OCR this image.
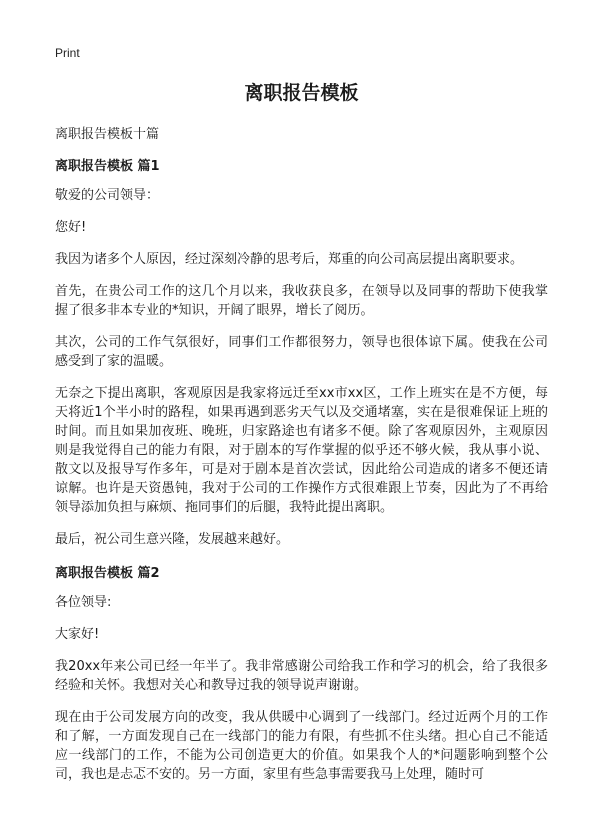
Print
离职报告模板
离职报告模板十篇
离职报告模板 篇1

敬爱的公司领导：

您好!

我因为诸多个人原因，经过深刻冷静的思考后，郑重的向公司高层提出离职要求。

首先，在贵公司工作的这几个月以来，我收获良多，在领导以及同事的帮助下使我掌握了很多非本专业的*知识，开阔了眼界，增长了阅历。

其次，公司的工作气氛很好，同事们工作都很努力，领导也很体谅下属。使我在公司感受到了家的温暖。

无奈之下提出离职，客观原因是我家将远迁至xx市xx区，工作上班实在是不方便，每天将近1个半小时的路程，如果再遇到恶劣天气以及交通堵塞，实在是很难保证上班的时间。而且如果加夜班、晚班，归家路途也有诸多不便。除了客观原因外，主观原因则是我觉得自己的能力有限，对于剧本的写作掌握的似乎还不够火候，我从事小说、散文以及报导写作多年，可是对于剧本是首次尝试，因此给公司造成的诸多不便还请谅解。也许是天资愚钝，我对于公司的工作操作方式很难跟上节奏，因此为了不再给领导添加负担与麻烦、拖同事们的后腿，我特此提出离职。

最后，祝公司生意兴隆，发展越来越好。

离职报告模板 篇2

各位领导:

大家好!

我20xx年来公司已经一年半了。我非常感谢公司给我工作和学习的机会，给了我很多经验和关怀。我想对关心和教导过我的领导说声谢谢。

现在由于公司发展方向的改变，我从供暖中心调到了一线部门。经过近两个月的工作和了解，一方面发现自己在一线部门的能力有限，有些抓不住头绪。担心自己不能适应一线部门的工作，不能为公司创造更大的价值。如果我个人的*问题影响到整个公司，我也是忐忑不安的。另一方面，家里有些急事需要我马上处理，随时可
